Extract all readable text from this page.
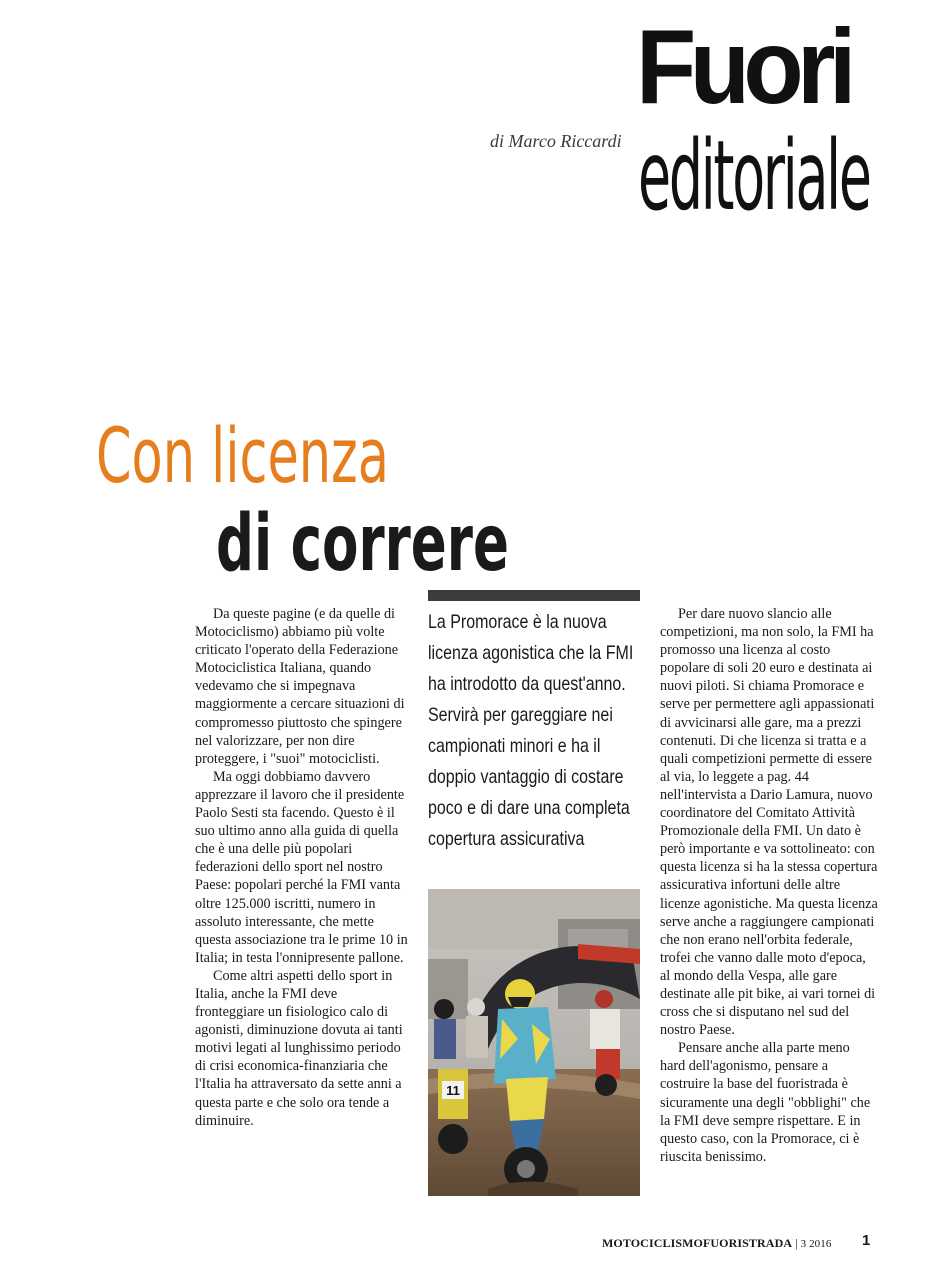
di Marco Riccardi
Fuori
editoriale
Con licenza
di correre

Da queste pagine (e da quelle di Motociclismo) abbiamo più volte criticato l'operato della Federazione Motociclistica Italiana, quando vedevamo che si impegnava maggiormente a cercare situazioni di compromesso piuttosto che spingere nel valorizzare, per non dire proteggere, i "suoi" motociclisti.

Ma oggi dobbiamo davvero apprezzare il lavoro che il presidente Paolo Sesti sta facendo. Questo è il suo ultimo anno alla guida di quella che è una delle più popolari federazioni dello sport nel nostro Paese: popolari perché la FMI vanta oltre 125.000 iscritti, numero in assoluto interessante, che mette questa associazione tra le prime 10 in Italia; in testa l'onnipresente pallone.

Come altri aspetti dello sport in Italia, anche la FMI deve fronteggiare un fisiologico calo di agonisti, diminuzione dovuta ai tanti motivi legati al lunghissimo periodo di crisi economica-finanziaria che l'Italia ha attraversato da sette anni a questa parte e che solo ora tende a diminuire.

La Promorace è la nuova licenza agonistica che la FMI ha introdotto da quest'anno. Servirà per gareggiare nei campionati minori e ha il doppio vantaggio di costare poco e di dare una completa copertura assicurativa
11

Per dare nuovo slancio alle competizioni, ma non solo, la FMI ha promosso una licenza al costo popolare di soli 20 euro e destinata ai nuovi piloti. Si chiama Promorace e serve per permettere agli appassionati di avvicinarsi alle gare, ma a prezzi contenuti. Di che licenza si tratta e a quali competizioni permette di essere al via, lo leggete a pag. 44 nell'intervista a Dario Lamura, nuovo coordinatore del Comitato Attività Promozionale della FMI. Un dato è però importante e va sottolineato: con questa licenza si ha la stessa copertura assicurativa infortuni delle altre licenze agonistiche. Ma questa licenza serve anche a raggiungere campionati che non erano nell'orbita federale, trofei che vanno dalle moto d'epoca, al mondo della Vespa, alle gare destinate alle pit bike, ai vari tornei di cross che si disputano nel sud del nostro Paese.

Pensare anche alla parte meno hard dell'agonismo, pensare a costruire la base del fuoristrada è sicuramente una degli "obblighi" che la FMI deve sempre rispettare. E in questo caso, con la Promorace, ci è riuscita benissimo.

MOTOCICLISMOFUORISTRADA | 3 2016 1
